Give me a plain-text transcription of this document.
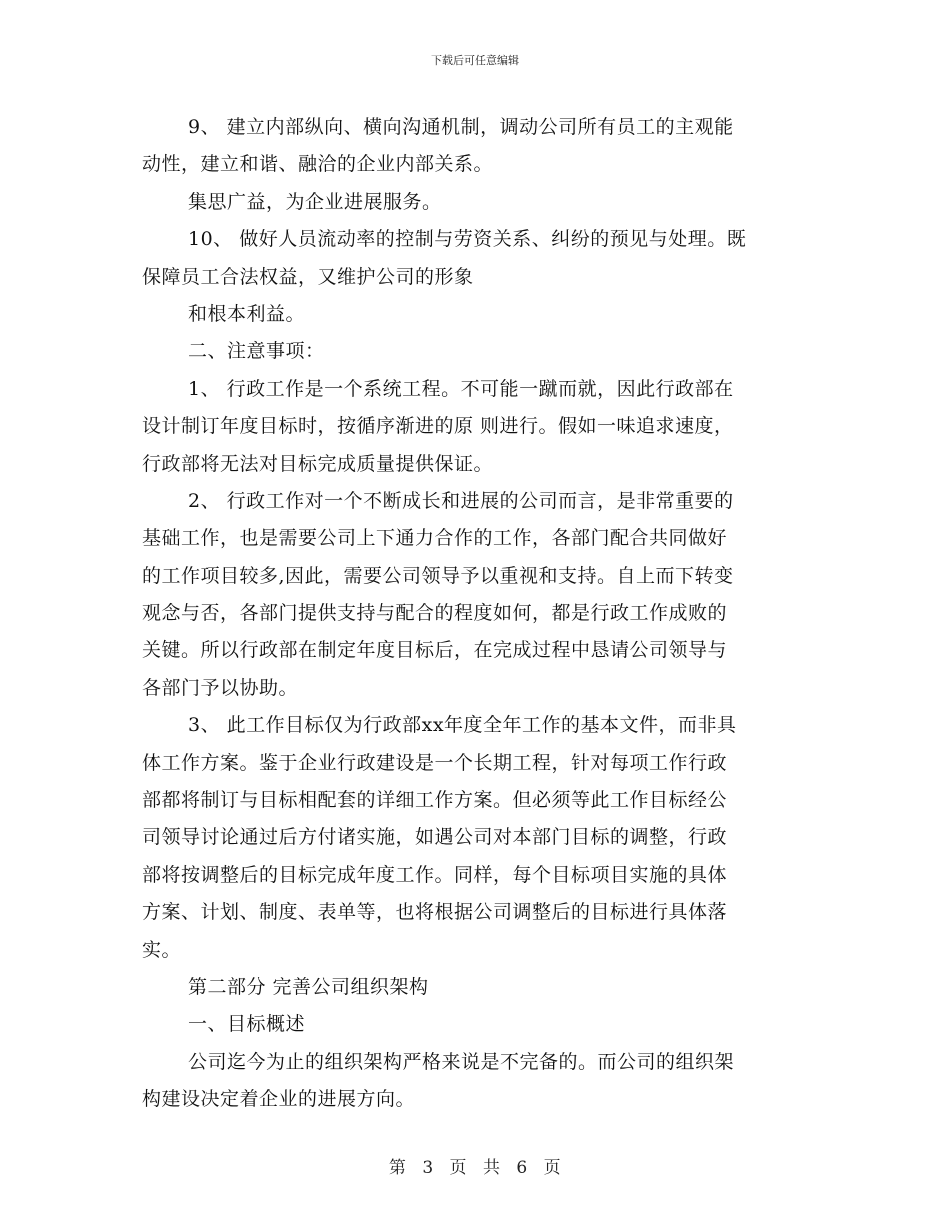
下载后可任意编辑
9、 建立内部纵向、横向沟通机制，调动公司所有员工的主观能
动性，建立和谐、融洽的企业内部关系。
集思广益，为企业进展服务。
10、 做好人员流动率的控制与劳资关系、纠纷的预见与处理。既
保障员工合法权益，又维护公司的形象
和根本利益。
二、注意事项：
1、 行政工作是一个系统工程。不可能一蹴而就，因此行政部在
设计制订年度目标时，按循序渐进的原 则进行。假如一味追求速度，
行政部将无法对目标完成质量提供保证。
2、 行政工作对一个不断成长和进展的公司而言，是非常重要的
基础工作，也是需要公司上下通力合作的工作，各部门配合共同做好
的工作项目较多,因此，需要公司领导予以重视和支持。自上而下转变
观念与否，各部门提供支持与配合的程度如何，都是行政工作成败的
关键。所以行政部在制定年度目标后，在完成过程中恳请公司领导与
各部门予以协助。
3、 此工作目标仅为行政部xx年度全年工作的基本文件，而非具
体工作方案。鉴于企业行政建设是一个长期工程，针对每项工作行政
部都将制订与目标相配套的详细工作方案。但必须等此工作目标经公
司领导讨论通过后方付诸实施，如遇公司对本部门目标的调整，行政
部将按调整后的目标完成年度工作。同样，每个目标项目实施的具体
方案、计划、制度、表单等，也将根据公司调整后的目标进行具体落
实。
第二部分 完善公司组织架构
一、目标概述
公司迄今为止的组织架构严格来说是不完备的。而公司的组织架
构建设决定着企业的进展方向。
第 3 页 共 6 页
